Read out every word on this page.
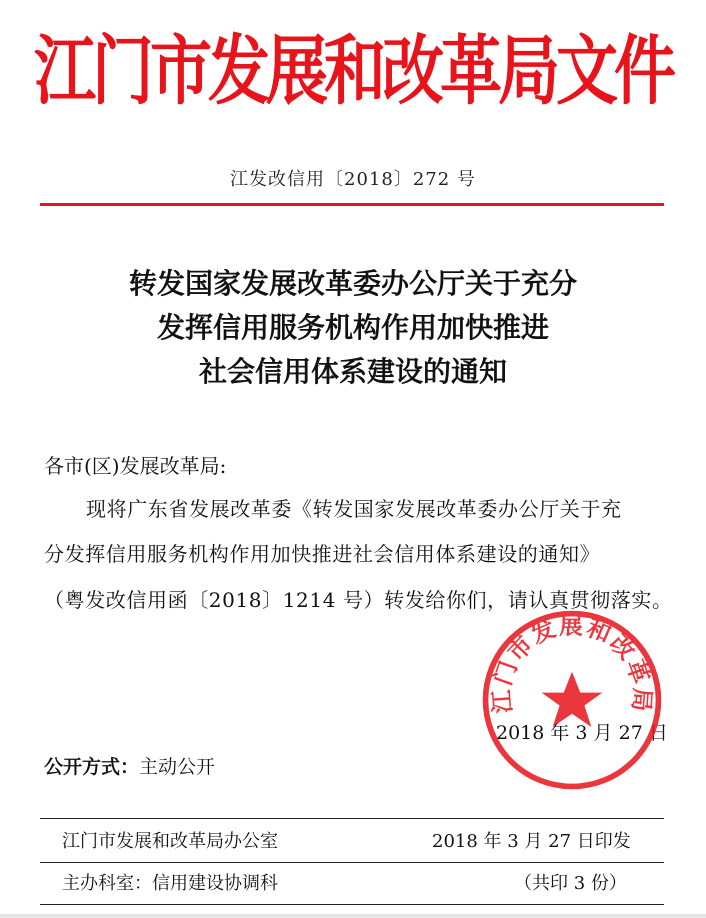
江门市发展和改革局文件
江发改信用〔2018〕272 号
转发国家发展改革委办公厅关于充分
发挥信用服务机构作用加快推进
社会信用体系建设的通知
各市(区)发展改革局:
现将广东省发展改革委《转发国家发展改革委办公厅关于充
分发挥信用服务机构作用加快推进社会信用体系建设的通知》
（粤发改信用函〔2018〕1214 号）转发给你们，请认真贯彻落实。
2018 年 3 月 27 日
江门市发展和改革局
公开方式：主动公开
江门市发展和改革局办公室	2018 年 3 月 27 日印发
主办科室：信用建设协调科	（共印 3 份）
